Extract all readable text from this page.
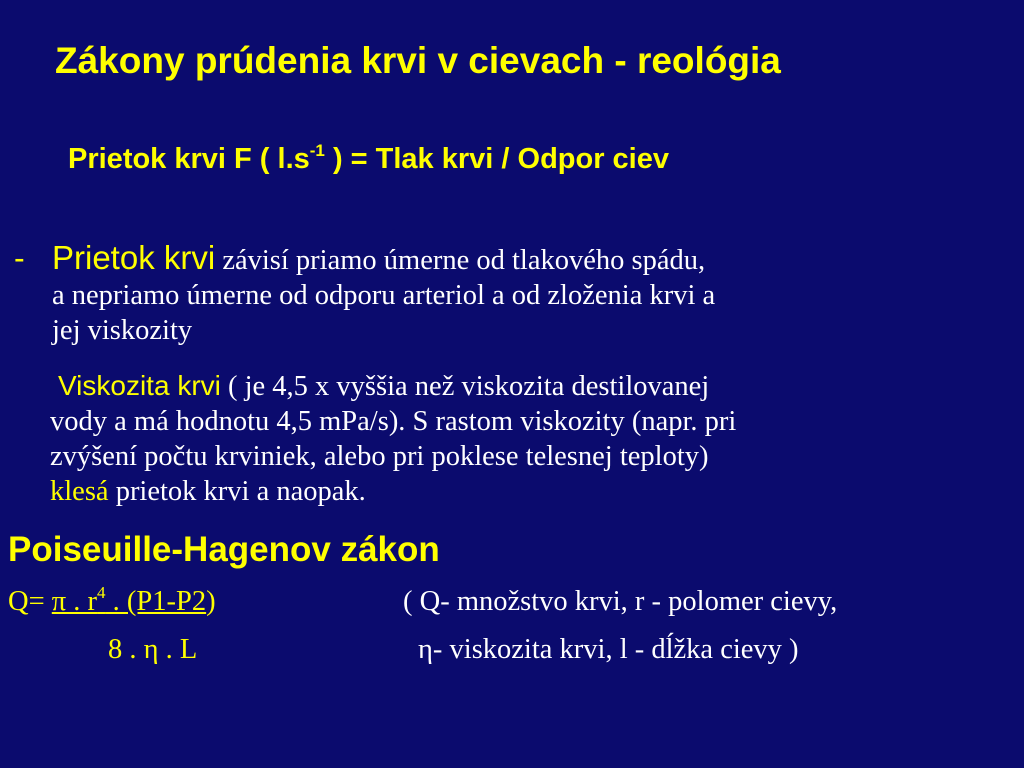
Zákony prúdenia krvi v cievach - reológia
Prietok krvi F ( $l.s^{-1}$ ) = Tlak krvi / Odpor ciev
- Prietok krvi závisí priamo úmerne od tlakového spádu,
a nepriamo úmerne od odporu arteriol a od zloženia krvi a
jej viskozity
Viskozita krvi ( je 4,5 x vyššia než viskozita destilovanej
vody a má hodnotu 4,5 mPa/s). S rastom viskozity (napr. pri
zvýšení počtu krviniek, alebo pri poklese telesnej teploty)
klesá prietok krvi a naopak.
Poiseuille-Hagenov zákon
Q= π . $r^4$ . (P1-P2)	( Q- množstvo krvi, r - polomer cievy,
8 . η . L	η- viskozita krvi, l - dĺžka cievy )
